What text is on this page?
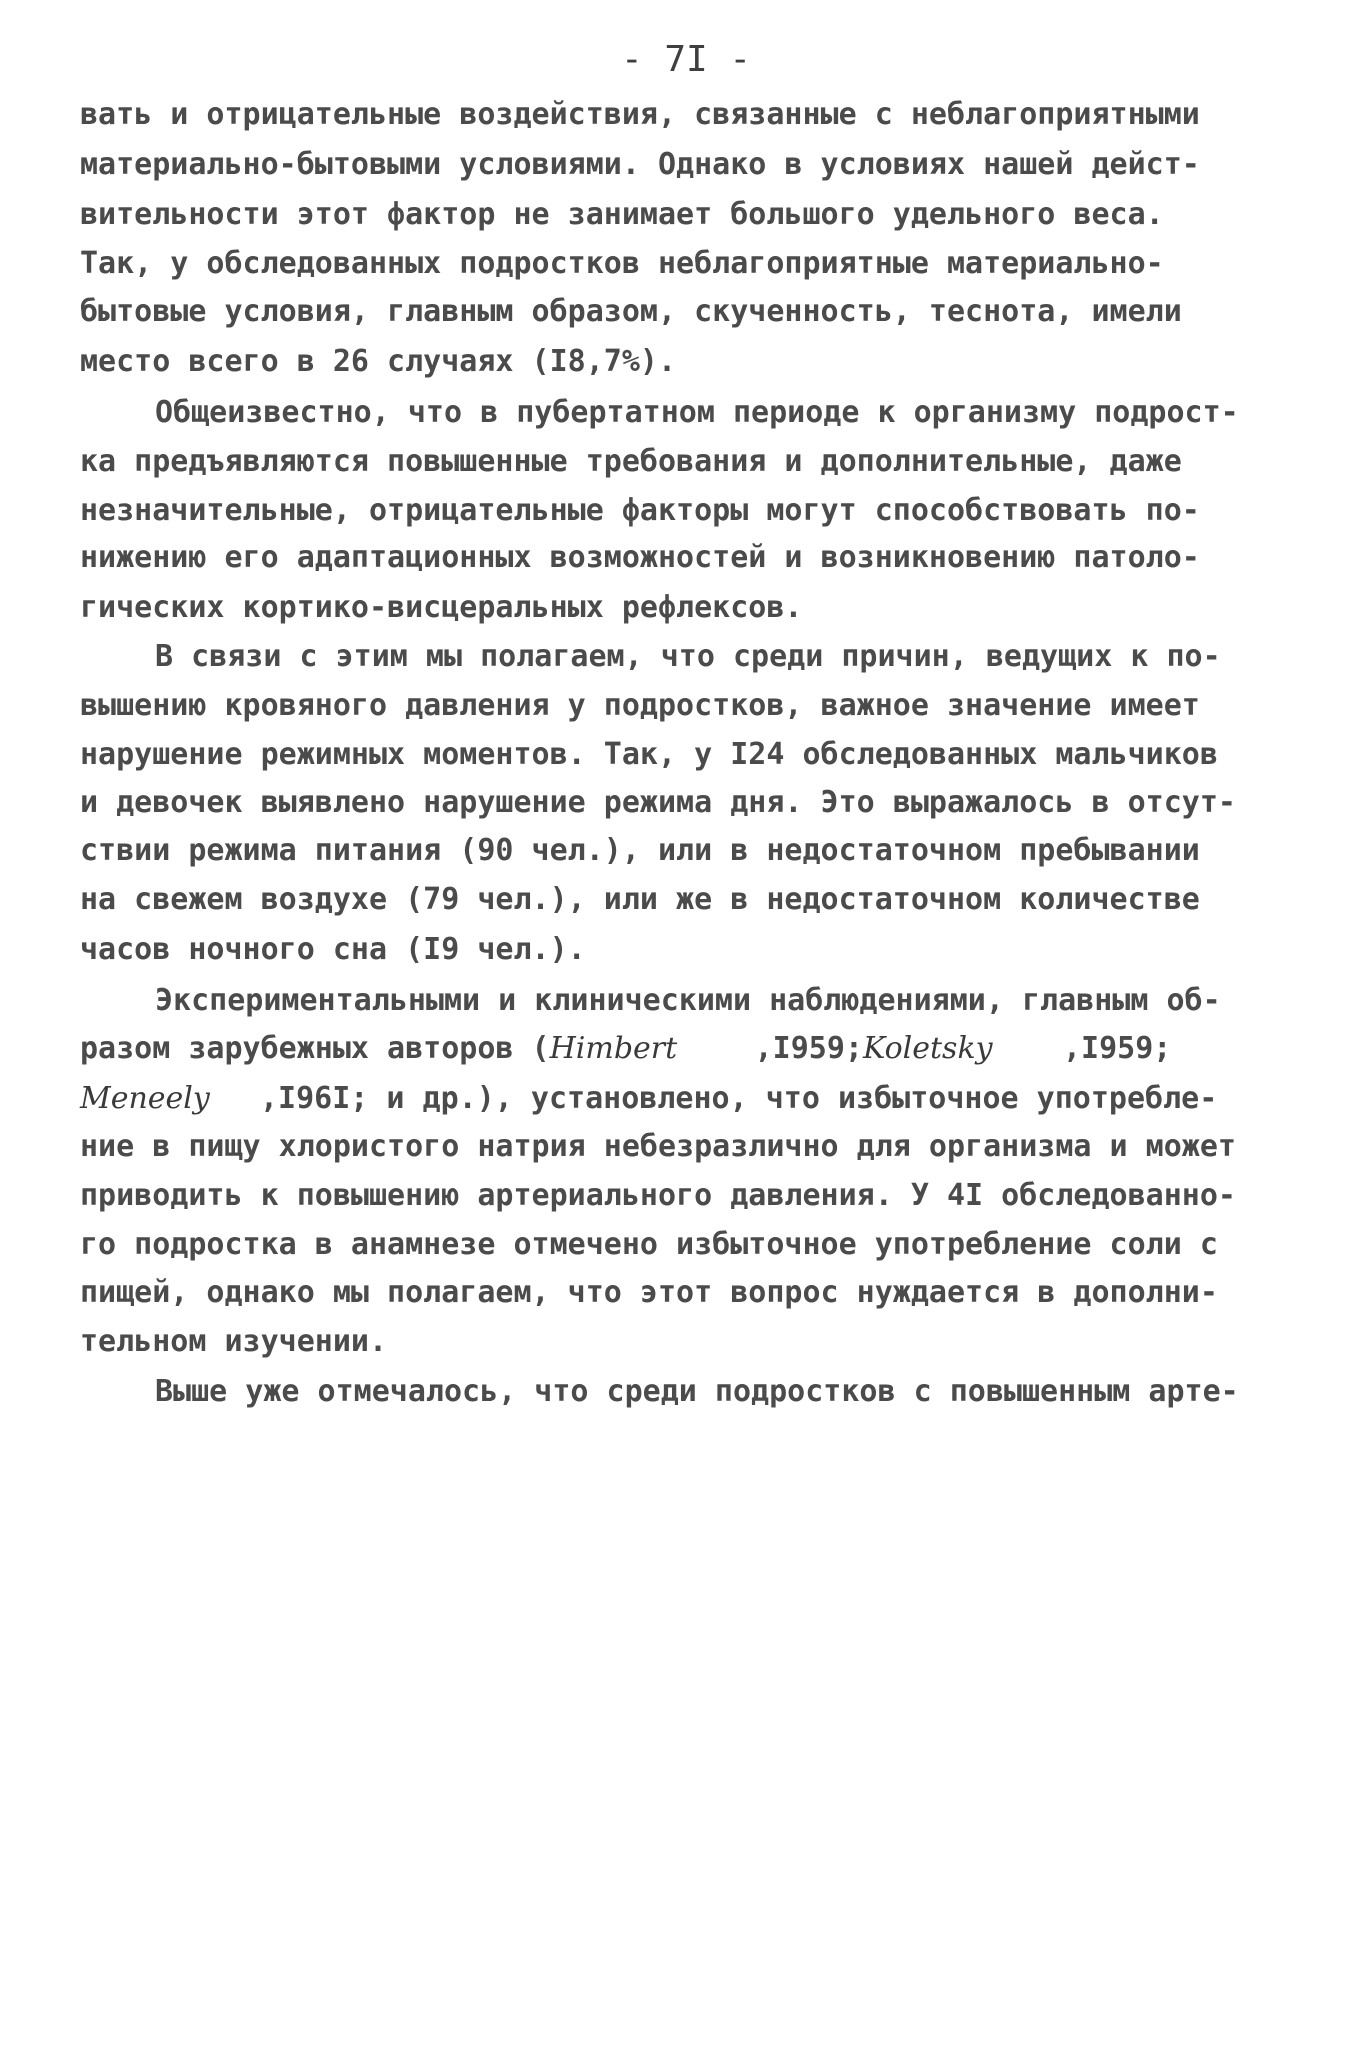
- 7I -
вать и отрицательные воздействия, связанные с неблагоприятными
материально-бытовыми условиями. Однако в условиях нашей дейст-
вительности этот фактор не занимает большого удельного веса.
Так, у обследованных подростков неблагоприятные материально-
бытовые условия, главным образом, скученность, теснота, имели
место всего в 26 случаях (I8,7%).
Общеизвестно, что в пубертатном периоде к организму подрост-
ка предъявляются повышенные требования и дополнительные, даже
незначительные, отрицательные факторы могут способствовать по-
нижению его адаптационных возможностей и возникновению патоло-
гических кортико-висцеральных рефлексов.
В связи с этим мы полагаем, что среди причин, ведущих к по-
вышению кровяного давления у подростков, важное значение имеет
нарушение режимных моментов. Так, у I24 обследованных мальчиков
и девочек выявлено нарушение режима дня. Это выражалось в отсут-
ствии режима питания (90 чел.), или в недостаточном пребывании
на свежем воздухе (79 чел.), или же в недостаточном количестве
часов ночного сна (I9 чел.).
Экспериментальными и клиническими наблюдениями, главным об-
разом зарубежных авторов (Himbert	,I959;Koletsky ,I959;
Meneely ,I96I; и др.), установлено, что избыточное употребле-
ние в пищу хлористого натрия небезразлично для организма и может
приводить к повышению артериального давления. У 4I обследованно-
го подростка в анамнезе отмечено избыточное употребление соли с
пищей, однако мы полагаем, что этот вопрос нуждается в дополни-
тельном изучении.
Выше уже отмечалось, что среди подростков с повышенным арте-
